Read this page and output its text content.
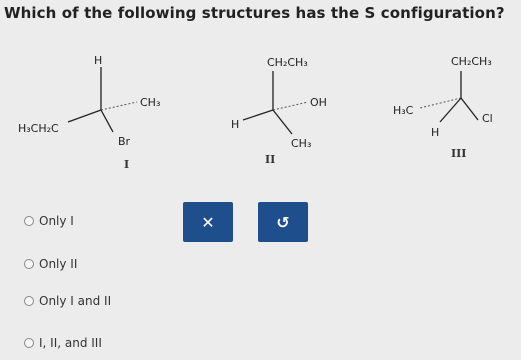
Which of the following structures has the S configuration?
H
H₃CH₂C
CH₃
Br
I
CH₂CH₃
H
OH
CH₃
II
CH₂CH₃
H₃C
Cl
H
III
Only I
Only II
Only I and II
I, II, and III
✕	↺
